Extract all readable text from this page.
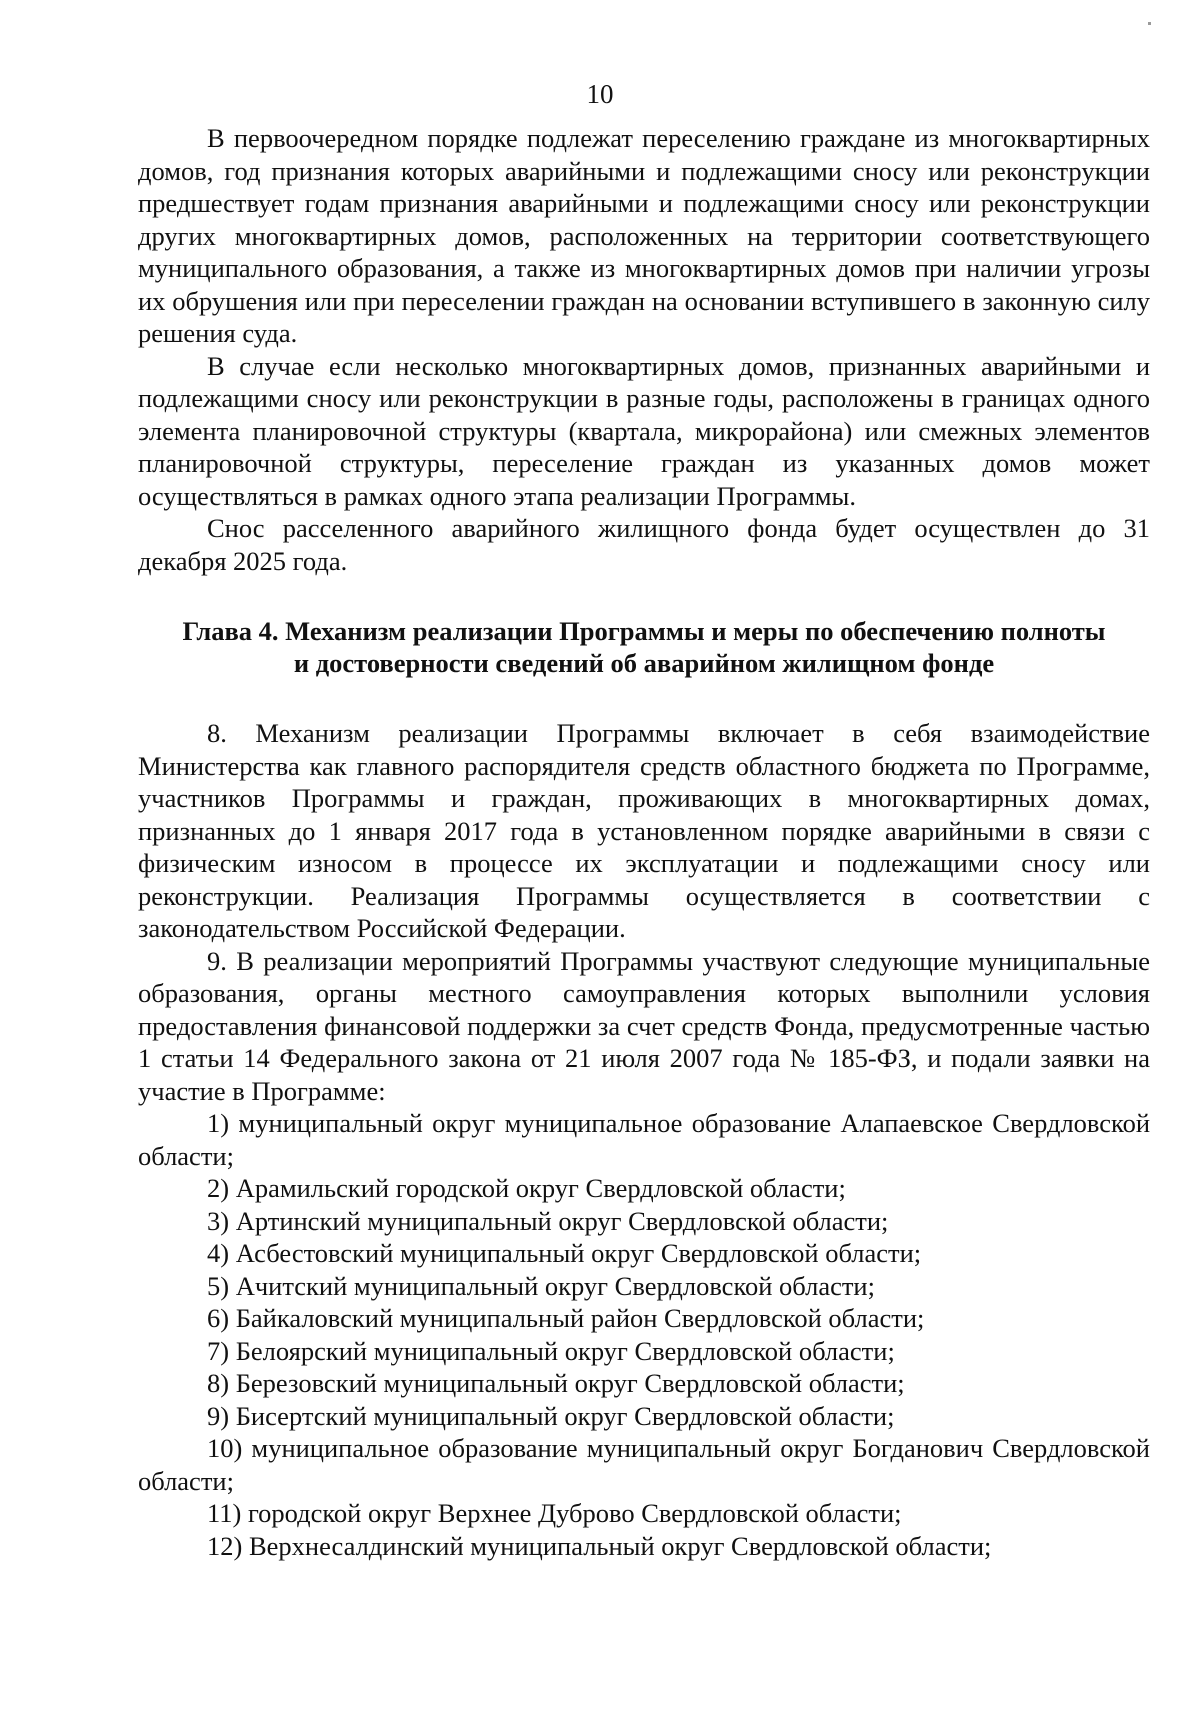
10

В первоочередном порядке подлежат переселению граждане из многоквартирных домов, год признания которых аварийными и подлежащими сносу или реконструкции предшествует годам признания аварийными и подлежащими сносу или реконструкции других многоквартирных домов, расположенных на территории соответствующего муниципального образования, а также из многоквартирных домов при наличии угрозы их обрушения или при переселении граждан на основании вступившего в законную силу решения суда.

В случае если несколько многоквартирных домов, признанных аварийными и подлежащими сносу или реконструкции в разные годы, расположены в границах одного элемента планировочной структуры (квартала, микрорайона) или смежных элементов планировочной структуры, переселение граждан из указанных домов может осуществляться в рамках одного этапа реализации Программы.

Снос расселенного аварийного жилищного фонда будет осуществлен до 31 декабря 2025 года.

Глава 4. Механизм реализации Программы и меры по обеспечению полноты
и достоверности сведений об аварийном жилищном фонде

8. Механизм реализации Программы включает в себя взаимодействие Министерства как главного распорядителя средств областного бюджета по Программе, участников Программы и граждан, проживающих в многоквартирных домах, признанных до 1 января 2017 года в установленном порядке аварийными в связи с физическим износом в процессе их эксплуатации и подлежащими сносу или реконструкции. Реализация Программы осуществляется в соответствии с законодательством Российской Федерации.

9. В реализации мероприятий Программы участвуют следующие муниципальные образования, органы местного самоуправления которых выполнили условия предоставления финансовой поддержки за счет средств Фонда, предусмотренные частью 1 статьи 14 Федерального закона от 21 июля 2007 года № 185-ФЗ, и подали заявки на участие в Программе:

1) муниципальный округ муниципальное образование Алапаевское Свердловской области;

2) Арамильский городской округ Свердловской области;

3) Артинский муниципальный округ Свердловской области;

4) Асбестовский муниципальный округ Свердловской области;

5) Ачитский муниципальный округ Свердловской области;

6) Байкаловский муниципальный район Свердловской области;

7) Белоярский муниципальный округ Свердловской области;

8) Березовский муниципальный округ Свердловской области;

9) Бисертский муниципальный округ Свердловской области;

10) муниципальное образование муниципальный округ Богданович Свердловской области;

11) городской округ Верхнее Дуброво Свердловской области;

12) Верхнесалдинский муниципальный округ Свердловской области;
